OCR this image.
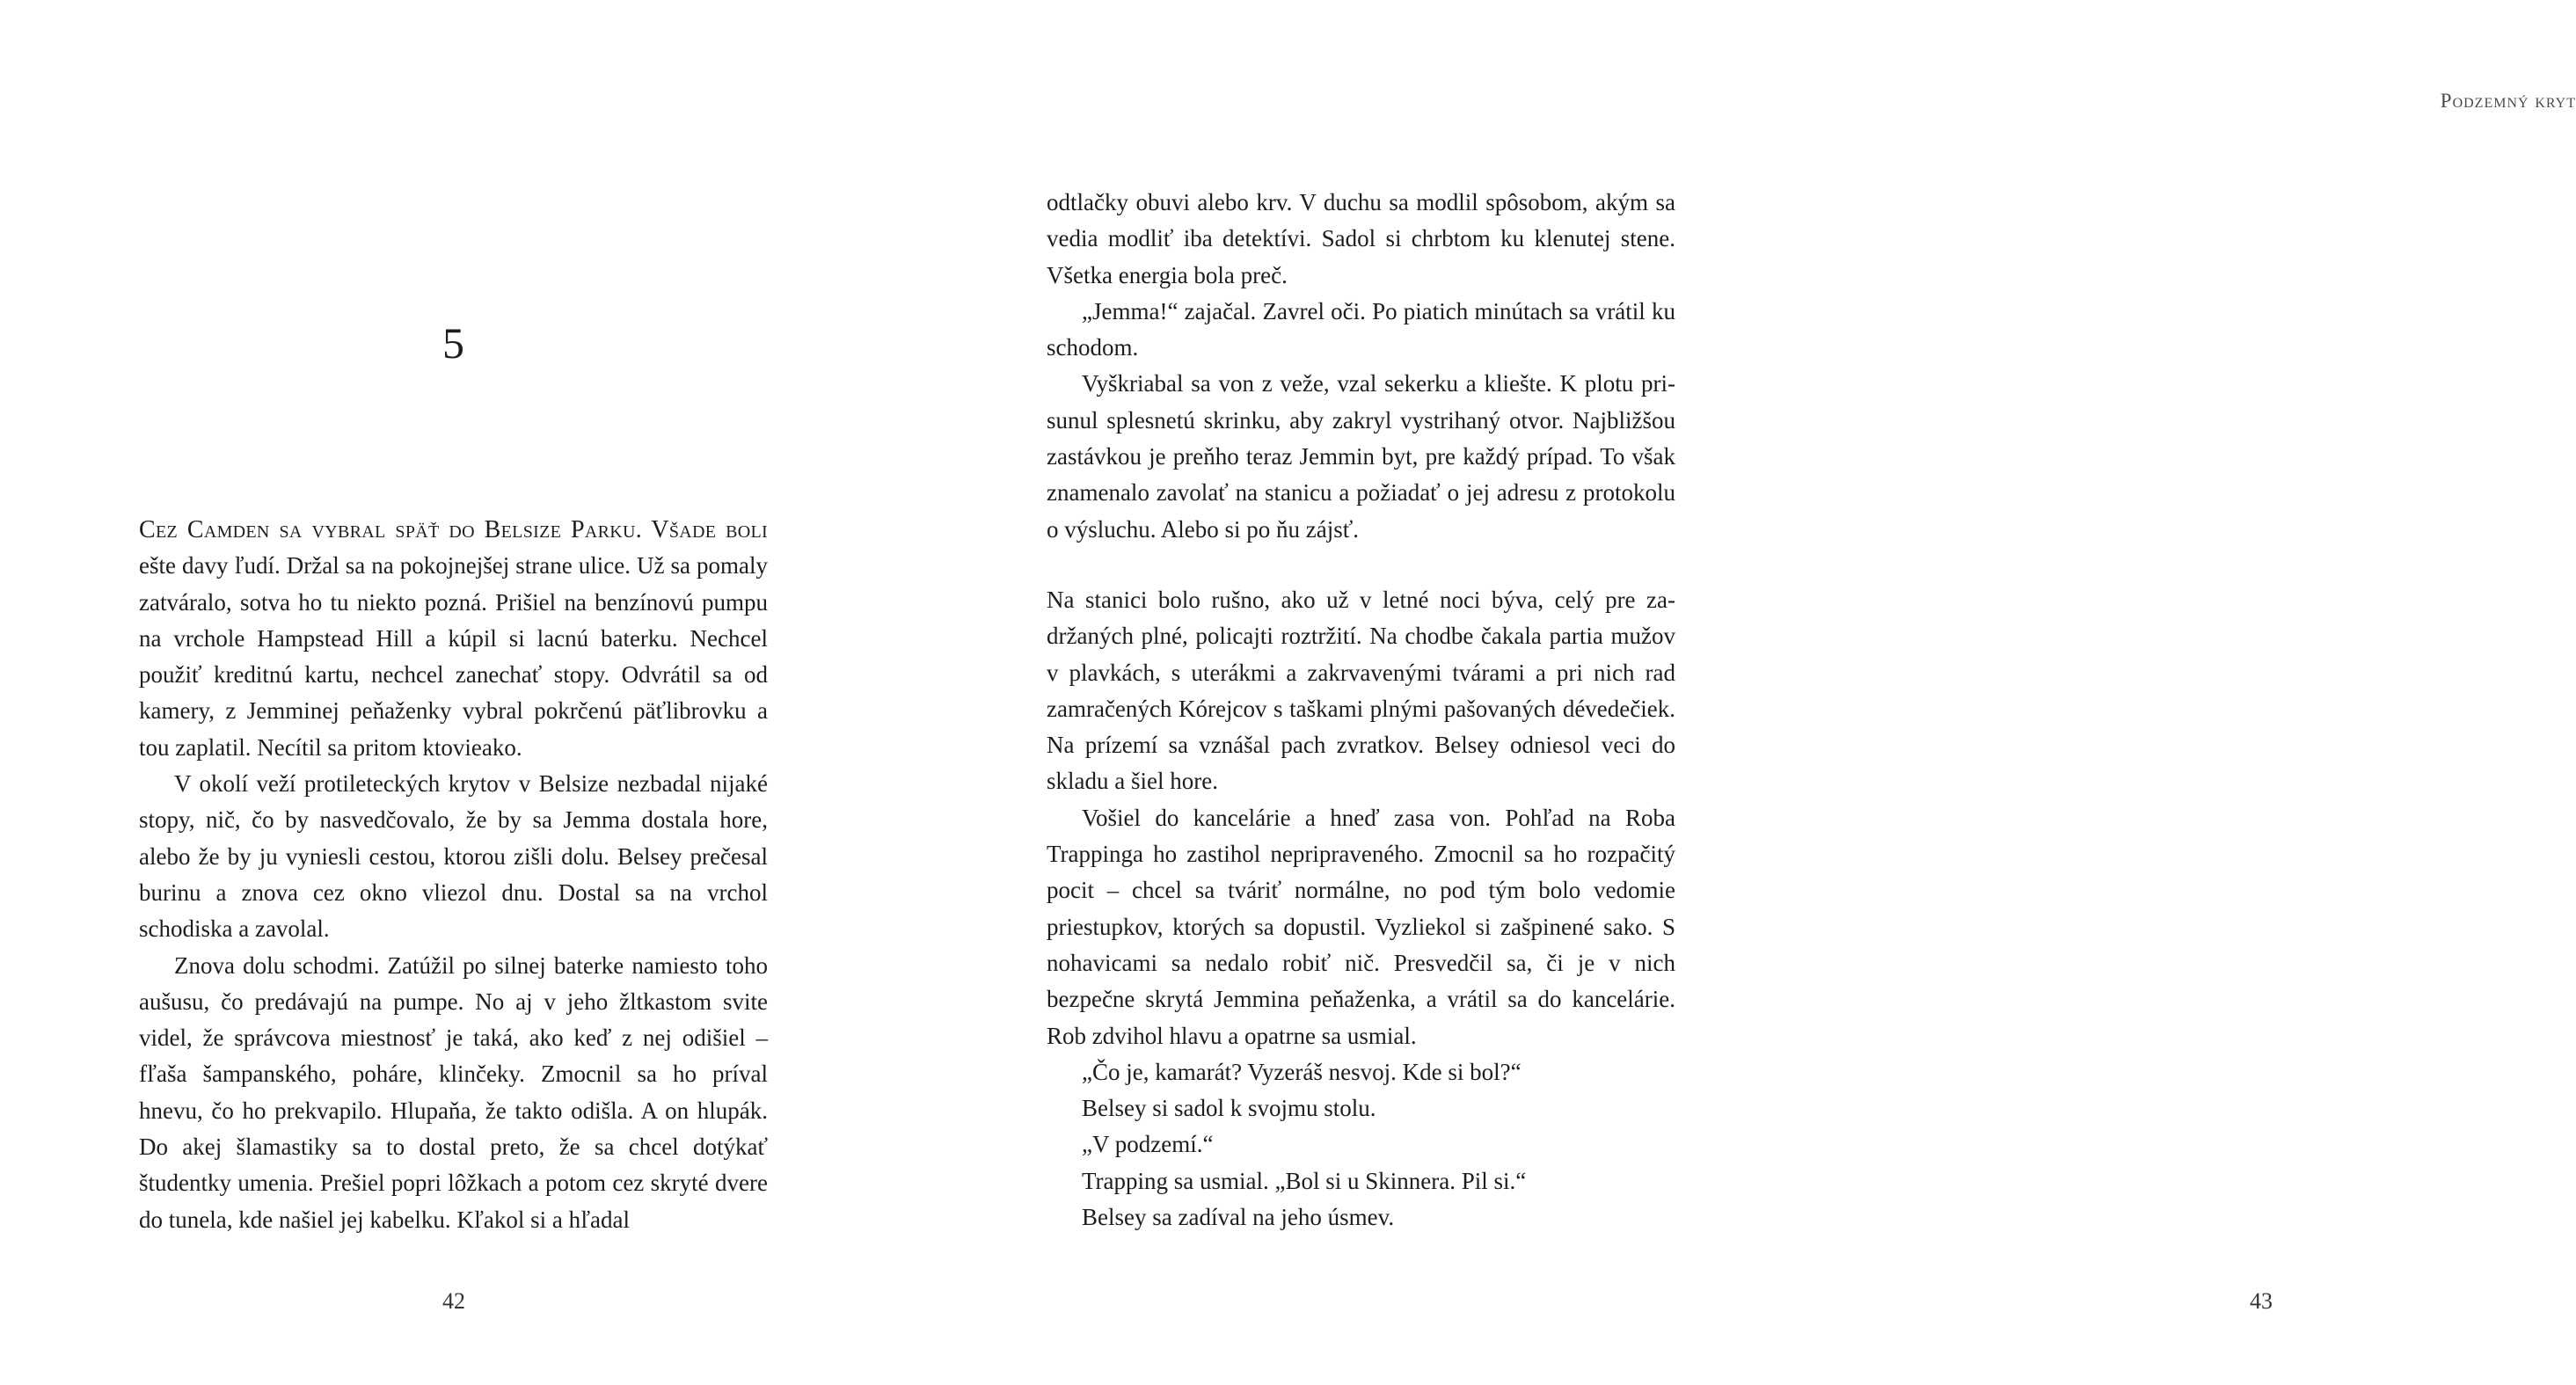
5

Cez Camden sa vybral späť do Belsize Parku. Všade boli ešte davy ľudí. Držal sa na pokojnejšej strane ulice. Už sa pomaly zatváralo, sotva ho tu niekto pozná. Prišiel na benzínovú pumpu na vrchole Hampstead Hill a kúpil si lacnú baterku. Nechcel použiť kreditnú kartu, nechcel zanechať stopy. Odvrátil sa od kamery, z Jemminej peňaženky vybral pokrčenú päťlibrovku a tou zaplatil. Necítil sa pritom ktovieako.

V okolí veží protileteckých krytov v Belsize nezbadal nijaké stopy, nič, čo by nasvedčovalo, že by sa Jemma dostala hore, alebo že by ju vyniesli cestou, ktorou zišli dolu. Belsey prečesal burinu a znova cez okno vliezol dnu. Dostal sa na vrchol schodiska a zavolal.

Znova dolu schodmi. Zatúžil po silnej baterke namiesto toho aušusu, čo predávajú na pumpe. No aj v jeho žltkastom svite videl, že správcova miestnosť je taká, ako keď z nej odišiel – fľaša šampanského, poháre, klinčeky. Zmocnil sa ho príval hnevu, čo ho prekvapilo. Hlupaňa, že takto odišla. A on hlupák. Do akej šlamastiky sa to dostal preto, že sa chcel dotýkať študentky umenia. Prešiel popri lôžkach a potom cez skryté dvere do tunela, kde našiel jej kabelku. Kľakol si a hľadal

42
Podzemný kryt
43

odtlačky obuvi alebo krv. V duchu sa modlil spôsobom, akým sa vedia modliť iba detektívi. Sadol si chrbtom ku klenutej stene. Všetka energia bola preč.

„Jemma!“ zajačal. Zavrel oči. Po piatich minútach sa vrátil ku schodom.

Vyškriabal sa von z veže, vzal sekerku a kliešte. K plotu prisunul splesnetú skrinku, aby zakryl vystrihaný otvor. Najbližšou zastávkou je preňho teraz Jemmin byt, pre každý prípad. To však znamenalo zavolať na stanicu a požiadať o jej adresu z protokolu o výsluchu. Alebo si po ňu zájsť.

Na stanici bolo rušno, ako už v letné noci býva, celý pre zadržaných plné, policajti roztržití. Na chodbe čakala partia mužov v plavkách, s uterákmi a zakrvavenými tvárami a pri nich rad zamračených Kórejcov s taškami plnými pašovaných dévedečiek. Na prízemí sa vznášal pach zvratkov. Belsey odniesol veci do skladu a šiel hore.

Vošiel do kancelárie a hneď zasa von. Pohľad na Roba Trappinga ho zastihol nepripraveného. Zmocnil sa ho rozpačitý pocit – chcel sa tváriť normálne, no pod tým bolo vedomie priestupkov, ktorých sa dopustil. Vyzliekol si zašpinené sako. S nohavicami sa nedalo robiť nič. Presvedčil sa, či je v nich bezpečne skrytá Jemmina peňaženka, a vrátil sa do kancelárie. Rob zdvihol hlavu a opatrne sa usmial.

„Čo je, kamarát? Vyzeráš nesvoj. Kde si bol?“

Belsey si sadol k svojmu stolu.

„V podzemí.“

Trapping sa usmial. „Bol si u Skinnera. Pil si.“

Belsey sa zadíval na jeho úsmev.
